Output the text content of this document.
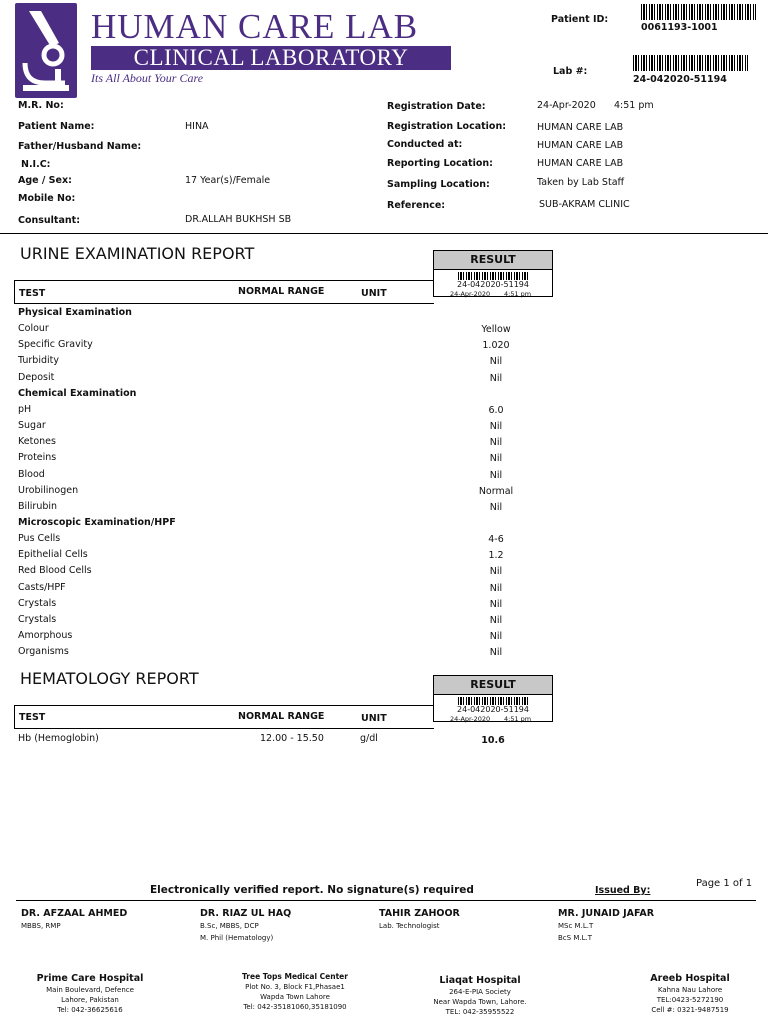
HUMAN CARE LAB
CLINICAL LABORATORY
Its All About Your Care
Patient ID:
0061193-1001
Lab #:
24-042020-51194
M.R. No:
Patient Name:	HINA
Father/Husband Name:
N.I.C:
Age / Sex:	17 Year(s)/Female
Mobile No:
Consultant:	DR.ALLAH BUKHSH SB
Registration Date:	24-Apr-2020 4:51 pm
Registration Location:	HUMAN CARE LAB
Conducted at:	HUMAN CARE LAB
Reporting Location:	HUMAN CARE LAB
Sampling Location:	Taken by Lab Staff
Reference:	SUB-AKRAM CLINIC
URINE EXAMINATION REPORT	RESULT
TEST	NORMAL RANGE	UNIT
24-042020-51194
24-Apr-2020 4:51 pm
Physical Examination
Colour	Yellow
Specific Gravity	1.020
Turbidity	Nil
Deposit	Nil
Chemical Examination
pH	6.0
Sugar	Nil
Ketones	Nil
Proteins	Nil
Blood	Nil
Urobilinogen	Normal
Bilirubin	Nil
Microscopic Examination/HPF
Pus Cells	4-6
Epithelial Cells	1.2
Red Blood Cells	Nil
Casts/HPF	Nil
Crystals	Nil
Crystals	Nil
Amorphous	Nil
Organisms	Nil
HEMATOLOGY REPORT	RESULT
TEST	NORMAL RANGE	UNIT
24-042020-51194
24-Apr-2020 4:51 pm
Hb (Hemoglobin)	12.00 - 15.50	g/dl	10.6
Electronically verified report. No signature(s) required
Page 1 of 1
Issued By:
DR. AFZAAL AHMED
MBBS, RMP
DR. RIAZ UL HAQ
B.Sc, MBBS, DCP
M. Phil (Hematology)
TAHIR ZAHOOR
Lab. Technologist
MR. JUNAID JAFAR
MSc M.L.T
BcS M.L.T
Prime Care Hospital
Main Boulevard, Defence
Lahore, Pakistan
Tel: 042-36625616
Tree Tops Medical Center
Plot No. 3, Block F1,Phasae1
Wapda Town Lahore
Tel: 042-35181060,35181090
Liaqat Hospital
264-E-PIA Society
Near Wapda Town, Lahore.
TEL: 042-35955522
Areeb Hospital
Kahna Nau Lahore
TEL:0423-5272190
Cell #: 0321-9487519
